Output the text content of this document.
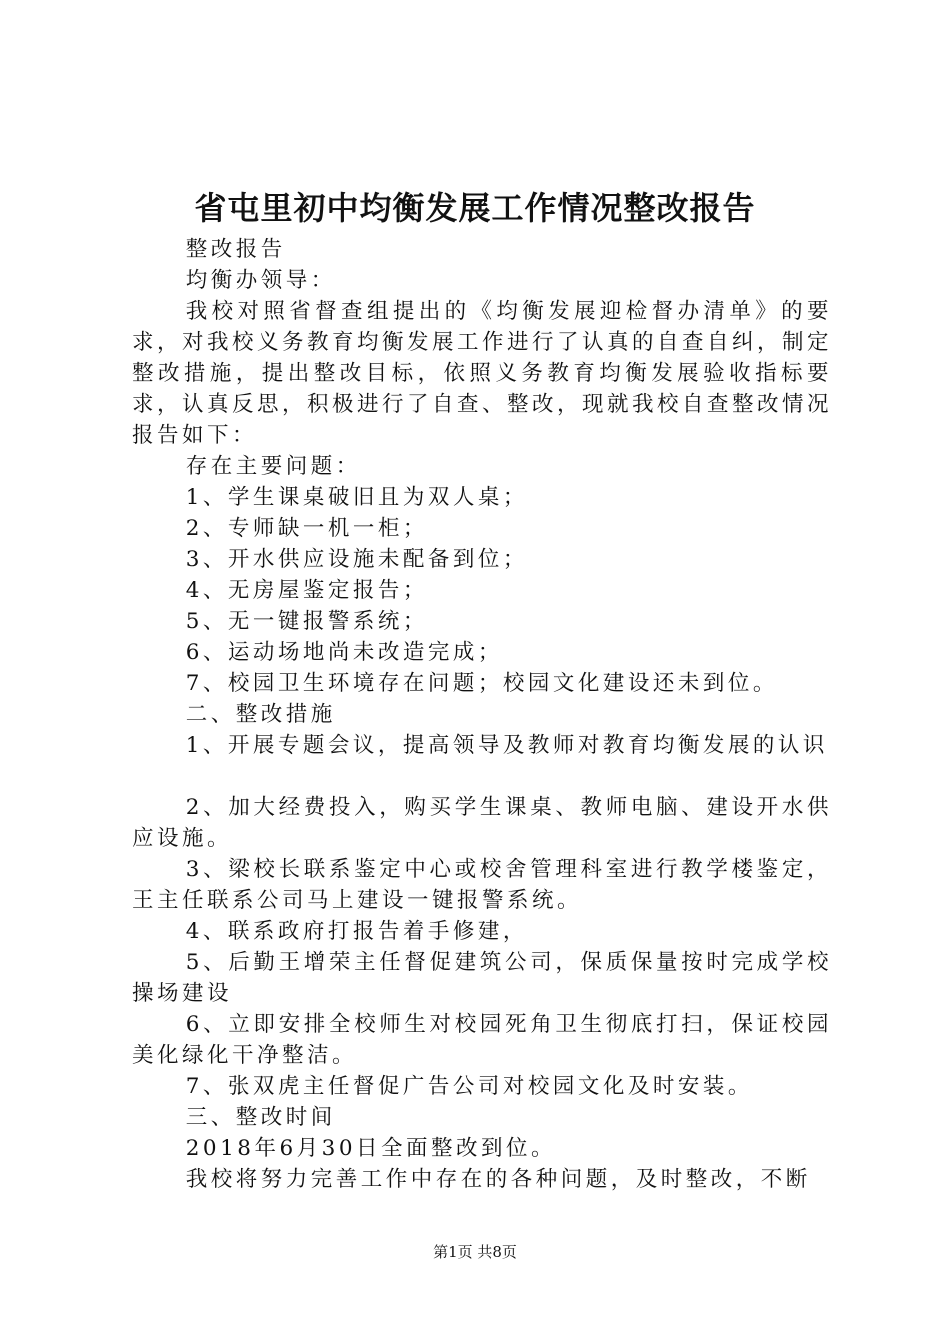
省屯里初中均衡发展工作情况整改报告

整改报告

均衡办领导：

我校对照省督查组提出的《均衡发展迎检督办清单》的要求，对我校义务教育均衡发展工作进行了认真的自查自纠，制定整改措施，提出整改目标，依照义务教育均衡发展验收指标要求，认真反思，积极进行了自查、整改，现就我校自查整改情况报告如下：

存在主要问题：

1、学生课桌破旧且为双人桌；

2、专师缺一机一柜；

3、开水供应设施未配备到位；

4、无房屋鉴定报告；

5、无一键报警系统；

6、运动场地尚未改造完成；

7、校园卫生环境存在问题；校园文化建设还未到位。

二、整改措施

1、开展专题会议，提高领导及教师对教育均衡发展的认识

2、加大经费投入，购买学生课桌、教师电脑、建设开水供应设施。

3、梁校长联系鉴定中心或校舍管理科室进行教学楼鉴定，王主任联系公司马上建设一键报警系统。

4、联系政府打报告着手修建，

5、后勤王增荣主任督促建筑公司，保质保量按时完成学校操场建设

6、立即安排全校师生对校园死角卫生彻底打扫，保证校园美化绿化干净整洁。

7、张双虎主任督促广告公司对校园文化及时安装。

三、整改时间

2018年6月30日全面整改到位。

我校将努力完善工作中存在的各种问题，及时整改，不断

第1页 共8页
